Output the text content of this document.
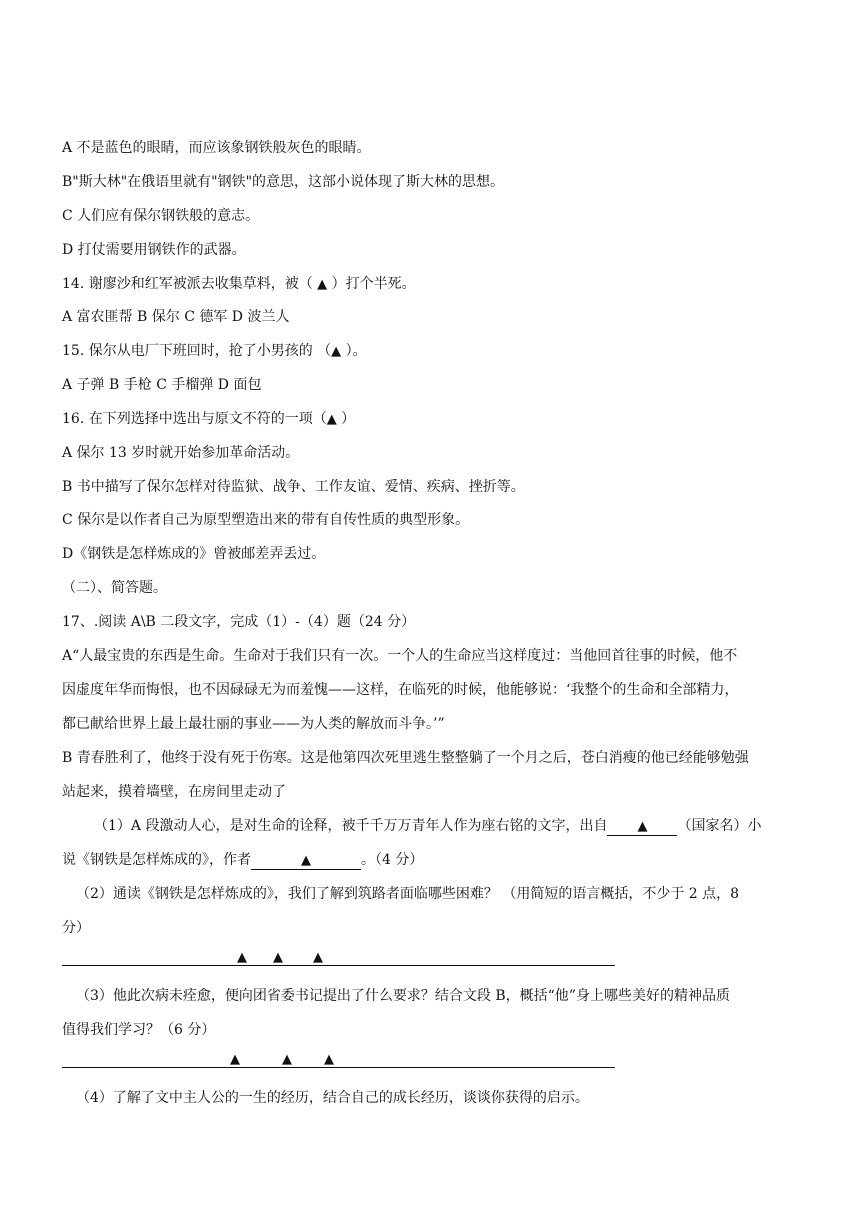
A 不是蓝色的眼睛，而应该象钢铁般灰色的眼睛。
B"斯大林"在俄语里就有"钢铁"的意思，这部小说体现了斯大林的思想。
C 人们应有保尔钢铁般的意志。
D 打仗需要用钢铁作的武器。
14. 谢廖沙和红军被派去收集草料，被（ ▲ ）打个半死。
A 富农匪帮 B 保尔 C 德军 D 波兰人
15. 保尔从电厂下班回时，抢了小男孩的 （▲ ）。
A 子弹 B 手枪 C 手榴弹 D 面包
16. 在下列选择中选出与原文不符的一项（▲ ）
A 保尔 13 岁时就开始参加革命活动。
B 书中描写了保尔怎样对待监狱、战争、工作友谊、爱情、疾病、挫折等。
C 保尔是以作者自己为原型塑造出来的带有自传性质的典型形象。
D《钢铁是怎样炼成的》曾被邮差弄丢过。
（二）、简答题。
17、.阅读 A\B 二段文字，完成（1）-（4）题（24 分）
A“人最宝贵的东西是生命。生命对于我们只有一次。一个人的生命应当这样度过：当他回首往事的时候，他不
因虚度年华而悔恨，也不因碌碌无为而羞愧——这样，在临死的时候，他能够说：‘我整个的生命和全部精力，
都已献给世界上最上最壮丽的事业——为人类的解放而斗争。’”
B 青春胜利了，他终于没有死于伤寒。这是他第四次死里逃生整整躺了一个月之后，苍白消瘦的他已经能够勉强
站起来，摸着墙壁，在房间里走动了
（1）A 段激动人心，是对生命的诠释，被千千万万青年人作为座右铭的文字，出自 ▲ （国家名）小
说《钢铁是怎样炼成的》，作者	▲	。（4 分）
（2）通读《钢铁是怎样炼成的》，我们了解到筑路者面临哪些困难？ （用简短的语言概括，不少于 2 点，8
分）
▲ ▲ ▲
（3）他此次病未痊愈，便向团省委书记提出了什么要求？结合文段 B，概括“他”身上哪些美好的精神品质
值得我们学习？（6 分）
▲	▲ ▲
（4）了解了文中主人公的一生的经历，结合自己的成长经历，谈谈你获得的启示。
